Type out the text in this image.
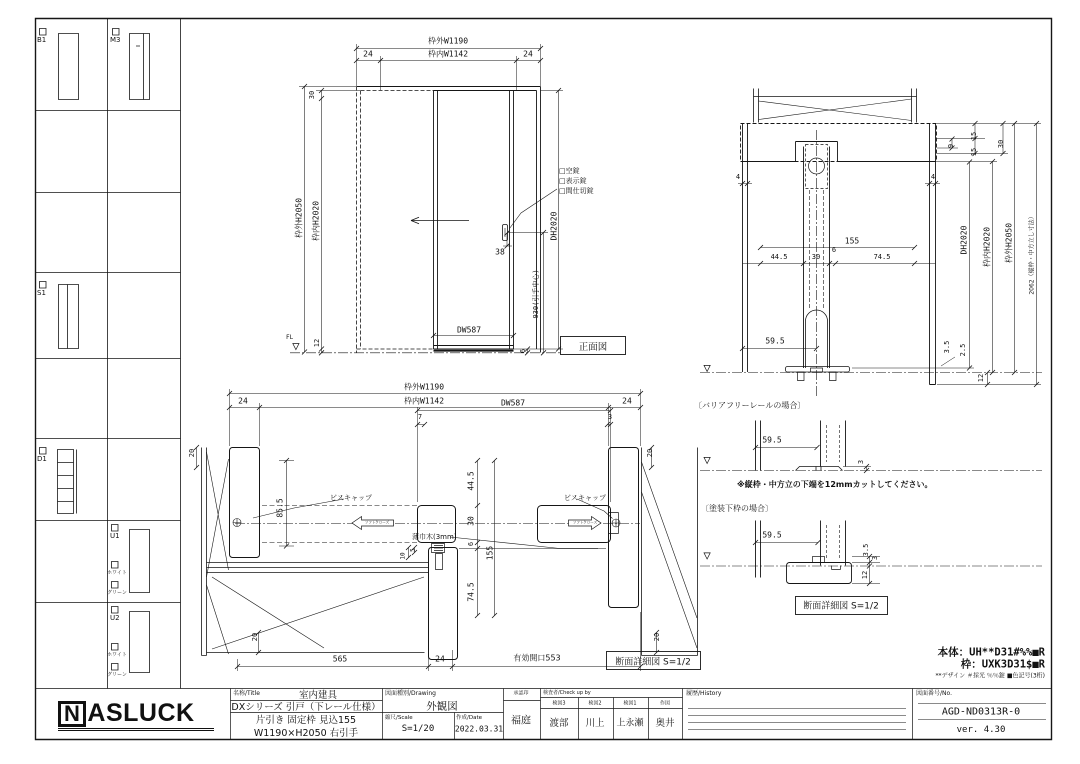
B1	M3
S1
D1
U1
ホワイト
グリーン
U2
ホワイト
グリーン
枠外W1190
24	枠内W1142	24
30
枠外H2050 枠内H2020
12
FL
DH2020
930(引手中心)
38
DW587
6
□空錠
□表示錠
□間仕切錠
正面図
枠外W1190
24	枠内W1142	24
DW587
7	3
20	20
85.5
44.5
30
6
155
74.5
10
5
ビスキャップ	ビスキャップ
ソフトクローズ	ソフトクローズ
薄巾木(3mm)
20	20
565	24	有効開口553	断面詳細図 S=1/2
4	4
155
44.5	30
6
74.5
59.5	3.5 2.5
12
9
15
15
30
DH2020 枠内H2020 枠外H2050	2062（縦枠・中方立し寸法）
〔バリアフリーレールの場合〕
59.5
3
※縦枠・中方立の下端を12mmカットしてください。
〔塗装下枠の場合〕
59.5
3.5
3
12
断面詳細図 S=1/2
本体：UH**D31#%%■R
枠：UXK3D31$■R
**デザイン ＃採光 ％％錠 ■色記号(3桁)
N ASLUCK
名称/Title	室内建具
DXシリーズ 引戸（下レール仕様）
片引き 固定枠 見込155
W1190×H2050 右引手
図面種別/Drawing
外観図
縮尺/Scale
S=1/20
作成/Date
2022.03.31
承認印
福庭
検査者/Check up by
検図3	検図2	検図1	作図
渡部 川上 上永瀬 奥井
履歴/History	図面番号/No.
AGD-ND0313R-0
ver. 4.30
